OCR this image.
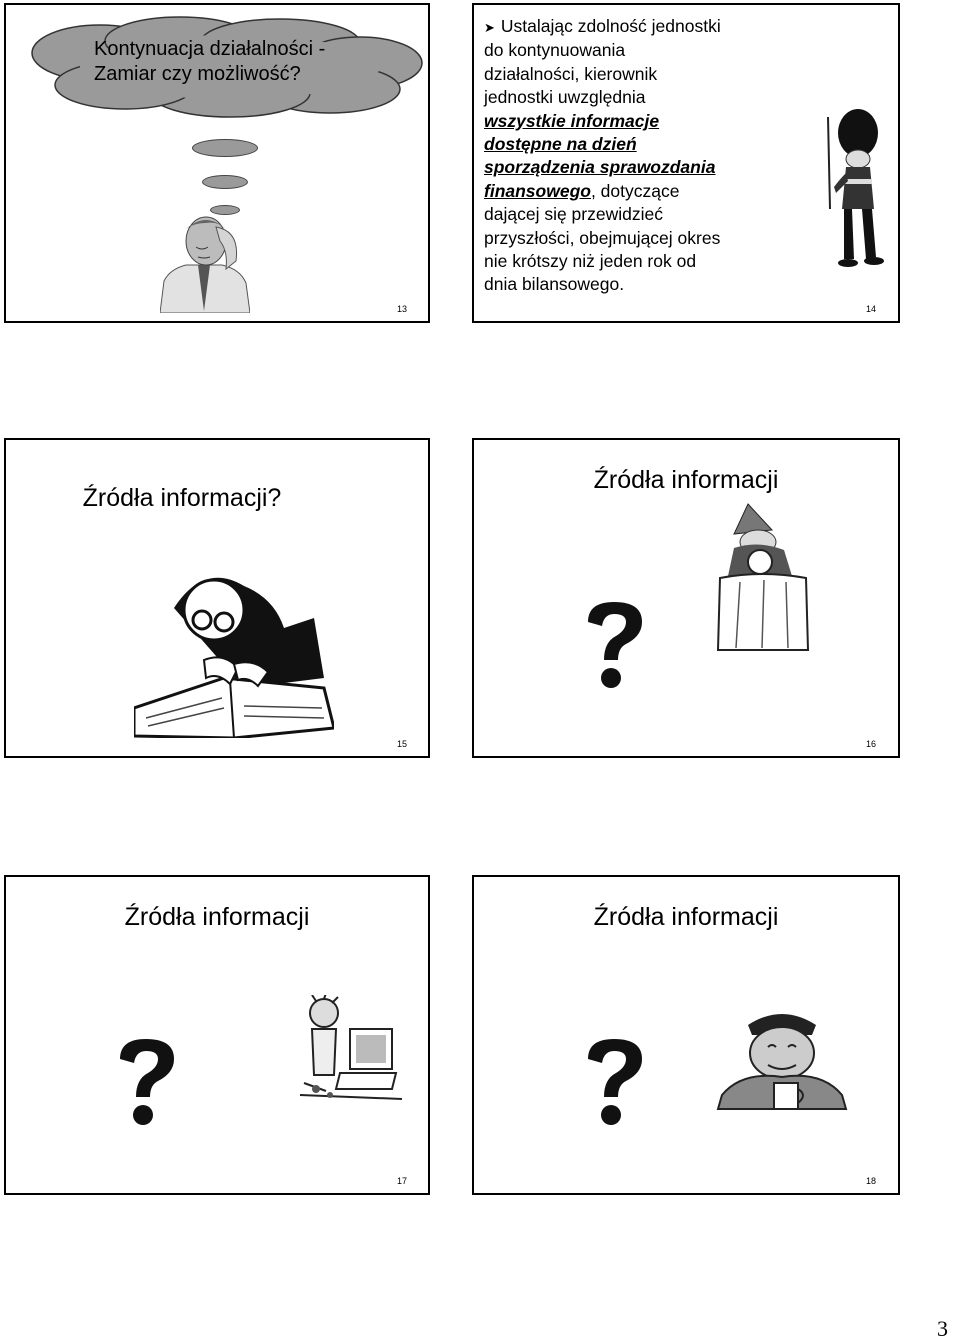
Kontynuacja działalności -
Zamiar czy możliwość?
13
➤ Ustalając zdolność jednostki
do kontynuowania
działalności, kierownik
jednostki uwzględnia
wszystkie informacje
dostępne na dzień
sporządzenia sprawozdania
finansowego, dotyczące
dającej się przewidzieć
przyszłości, obejmującej okres
nie krótszy niż jeden rok od
dnia bilansowego.
14
Źródła informacji?
15
Źródła informacji
16
Źródła informacji
17
Źródła informacji
18
3
